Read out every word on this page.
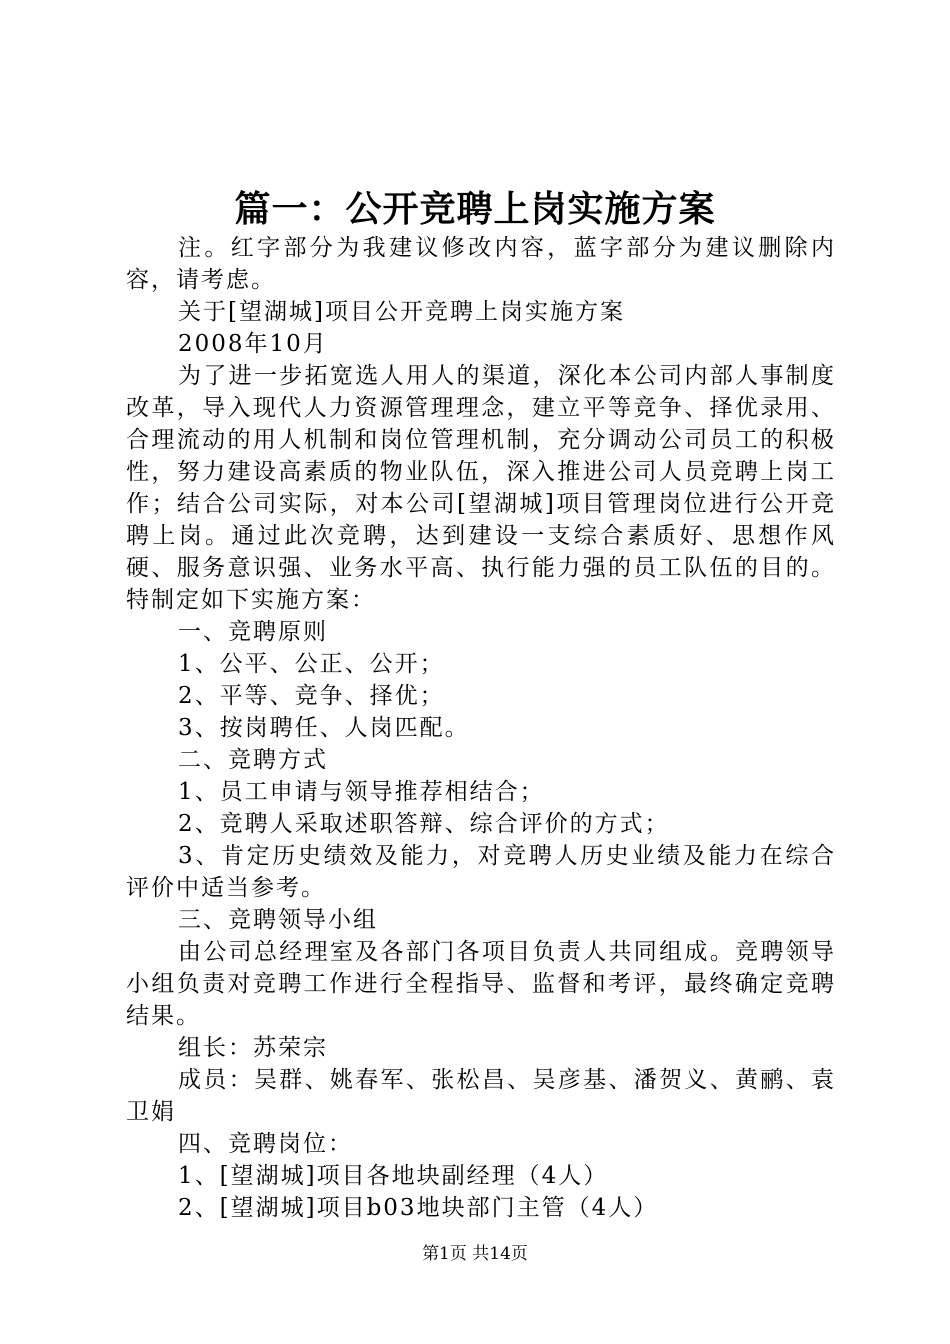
篇一：公开竞聘上岗实施方案

注。红字部分为我建议修改内容，蓝字部分为建议删除内容，请考虑。

关于[望湖城]项目公开竞聘上岗实施方案

2008年10月

为了进一步拓宽选人用人的渠道，深化本公司内部人事制度改革，导入现代人力资源管理理念，建立平等竞争、择优录用、合理流动的用人机制和岗位管理机制，充分调动公司员工的积极性，努力建设高素质的物业队伍，深入推进公司人员竞聘上岗工作；结合公司实际，对本公司[望湖城]项目管理岗位进行公开竞聘上岗。通过此次竞聘，达到建设一支综合素质好、思想作风硬、服务意识强、业务水平高、执行能力强的员工队伍的目的。特制定如下实施方案：

一、竞聘原则

1、公平、公正、公开；

2、平等、竞争、择优；

3、按岗聘任、人岗匹配。

二、竞聘方式

1、员工申请与领导推荐相结合；

2、竞聘人采取述职答辩、综合评价的方式；

3、肯定历史绩效及能力，对竞聘人历史业绩及能力在综合评价中适当参考。

三、竞聘领导小组

由公司总经理室及各部门各项目负责人共同组成。竞聘领导小组负责对竞聘工作进行全程指导、监督和考评，最终确定竞聘结果。

组长：苏荣宗

成员：吴群、姚春军、张松昌、吴彦基、潘贺义、黄鹂、袁卫娟

四、竞聘岗位：

1、[望湖城]项目各地块副经理（4人）

2、[望湖城]项目b03地块部门主管（4人）

第1页 共14页
